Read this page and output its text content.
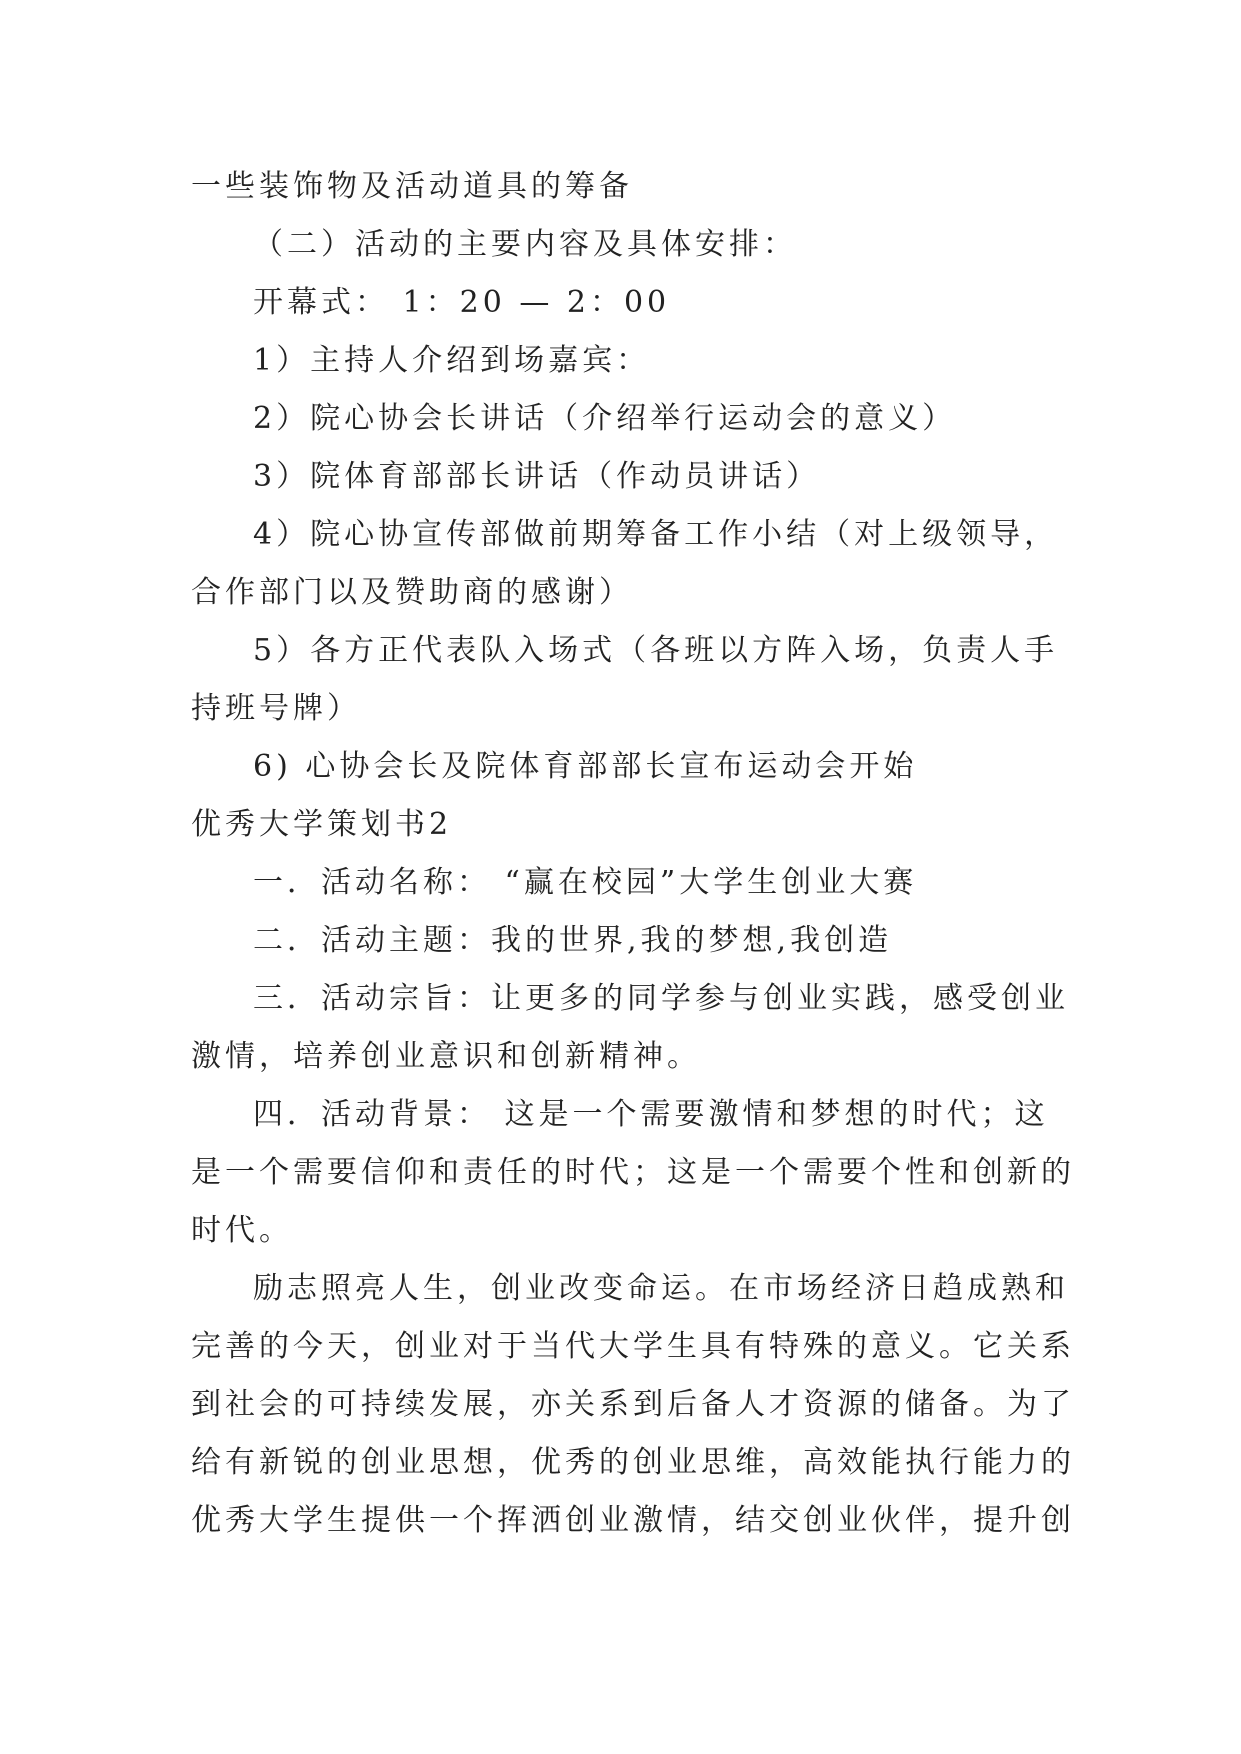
一些装饰物及活动道具的筹备
（二）活动的主要内容及具体安排：
开幕式： 1：20 — 2：00
1）主持人介绍到场嘉宾：
2）院心协会长讲话（介绍举行运动会的意义）
3）院体育部部长讲话（作动员讲话）
4）院心协宣传部做前期筹备工作小结（对上级领导，
合作部门以及赞助商的感谢）
5）各方正代表队入场式（各班以方阵入场，负责人手
持班号牌）
6) 心协会长及院体育部部长宣布运动会开始
优秀大学策划书2
一．活动名称： “赢在校园”大学生创业大赛
二．活动主题：我的世界,我的梦想,我创造
三．活动宗旨：让更多的同学参与创业实践，感受创业
激情，培养创业意识和创新精神。
四．活动背景： 这是一个需要激情和梦想的时代；这
是一个需要信仰和责任的时代；这是一个需要个性和创新的
时代。
励志照亮人生，创业改变命运。在市场经济日趋成熟和
完善的今天，创业对于当代大学生具有特殊的意义。它关系
到社会的可持续发展，亦关系到后备人才资源的储备。为了
给有新锐的创业思想，优秀的创业思维，高效能执行能力的
优秀大学生提供一个挥洒创业激情，结交创业伙伴，提升创
